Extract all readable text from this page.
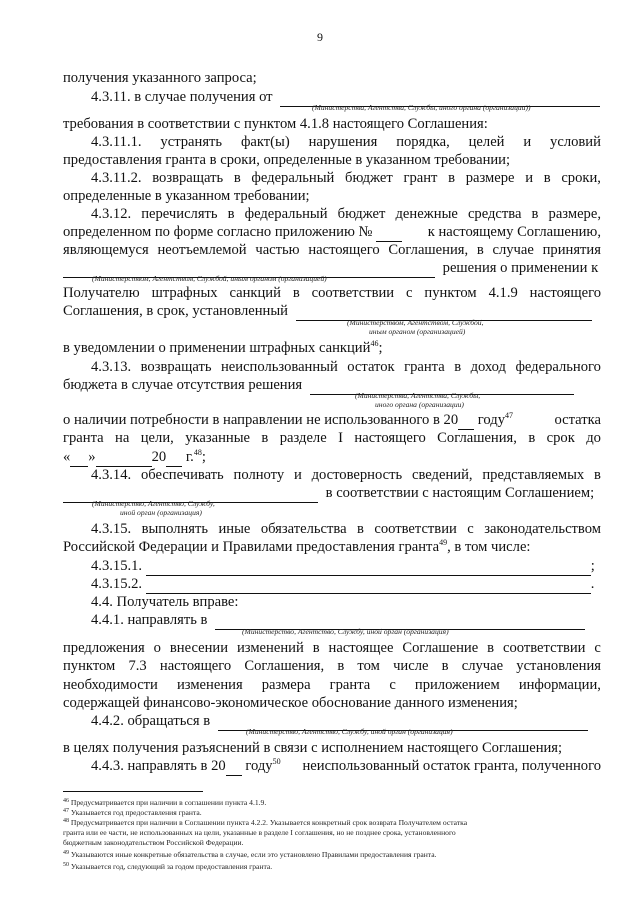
9
получения указанного запроса;
4.3.11. в случае получения от
(Министерства, Агентства, Службы, иного органа (организации))
требования в соответствии с пунктом 4.1.8 настоящего Соглашения:
4.3.11.1. устранять факт(ы) нарушения порядка, целей и условий
предоставления гранта в сроки, определенные в указанном требовании;
4.3.11.2. возвращать в федеральный бюджет грант в размере и в сроки,
определенные в указанном требовании;
4.3.12. перечислять в федеральный бюджет денежные средства в размере,
определенном по форме согласно приложению №	к настоящему Соглашению,
являющемуся неотъемлемой частью настоящего Соглашения, в случае принятия
решения о применении к
(Министерством, Агентством, Службой, иным органом (организацией)
Получателю штрафных санкций в соответствии с пунктом 4.1.9 настоящего
Соглашения, в срок, установленный
(Министерством, Агентством, Службой,
иным органом (организацией)
в уведомлении о применении штрафных санкций$^{46}$;
4.3.13. возвращать неиспользованный остаток гранта в доход федерального
бюджета в случае отсутствия решения
(Министерства, Агентства, Службы,
иного органа (организации)
о наличии потребности в направлении не использованного в 20 году$^{47}$	остатка
гранта на цели, указанные в разделе I настоящего Соглашения, в срок до
« »	20 г.$^{48}$;
4.3.14. обеспечивать полноту и достоверность сведений, представляемых в
в соответствии с настоящим Соглашением;
(Министерство, Агентство, Службу,
иной орган (организация)
4.3.15. выполнять иные обязательства в соответствии с законодательством
Российской Федерации и Правилами предоставления гранта$^{49}$, в том числе:
4.3.15.1.	;
4.3.15.2.	.
4.4. Получатель вправе:
4.4.1. направлять в
(Министерство, Агентство, Службу, иной орган (организация)
предложения о внесении изменений в настоящее Соглашение в соответствии с
пунктом 7.3 настоящего Соглашения, в том числе в случае установления
необходимости изменения размера гранта с приложением информации,
содержащей финансово-экономическое обоснование данного изменения;
4.4.2. обращаться в
(Министерство, Агентство, Службу, иной орган (организация)
в целях получения разъяснений в связи с исполнением настоящего Соглашения;
4.4.3. направлять в 20 году$^{50}$ неиспользованный остаток гранта, полученного
$^{46}$ Предусматривается при наличии в соглашении пункта 4.1.9.
$^{47}$ Указывается год предоставления гранта.
$^{48}$ Предусматривается при наличии в Соглашении пункта 4.2.2. Указывается конкретный срок возврата Получателем остатка
гранта или ее части, не использованных на цели, указанные в разделе I соглашения, но не позднее срока, установленного
бюджетным законодательством Российской Федерации.
$^{49}$ Указываются иные конкретные обязательства в случае, если это установлено Правилами предоставления гранта.
$^{50}$ Указывается год, следующий за годом предоставления гранта.
